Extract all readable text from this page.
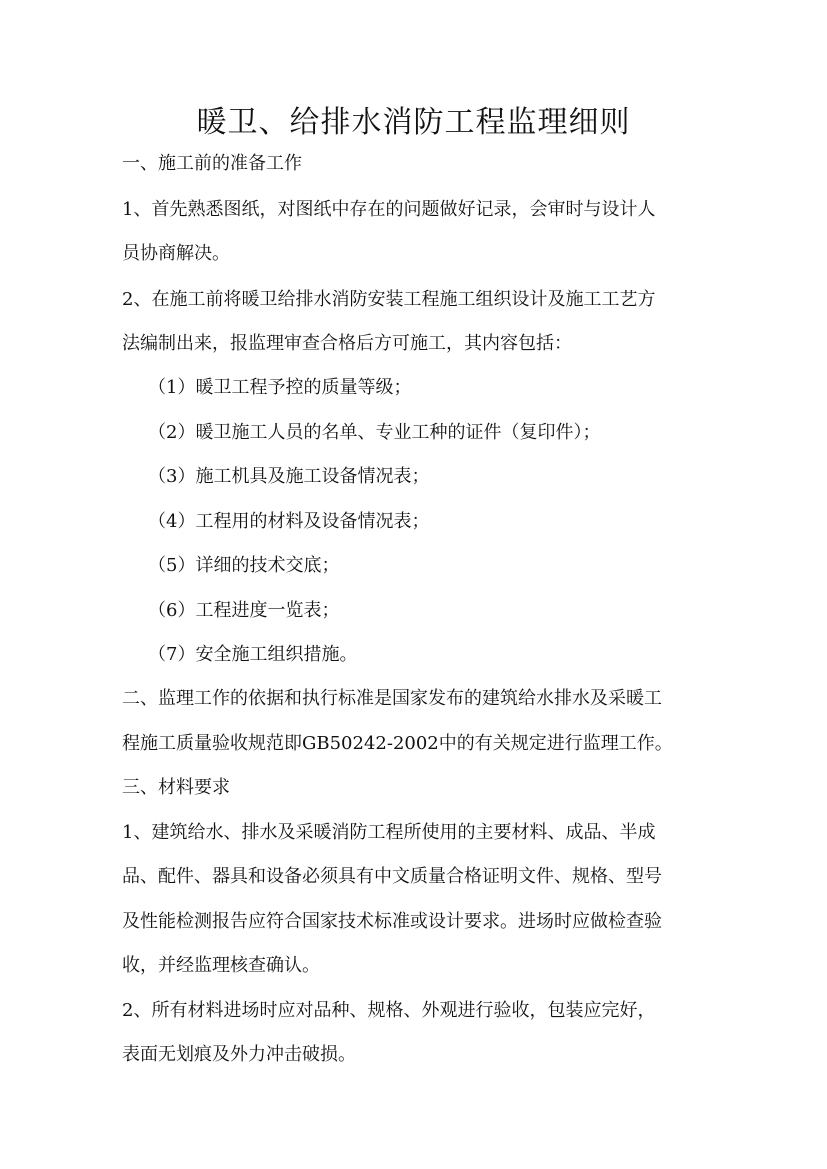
暖卫、给排水消防工程监理细则
一、施工前的准备工作
1、首先熟悉图纸，对图纸中存在的问题做好记录，会审时与设计人
员协商解决。
2、在施工前将暖卫给排水消防安装工程施工组织设计及施工工艺方
法编制出来，报监理审查合格后方可施工，其内容包括：
（1）暖卫工程予控的质量等级；
（2）暖卫施工人员的名单、专业工种的证件（复印件）；
（3）施工机具及施工设备情况表；
（4）工程用的材料及设备情况表；
（5）详细的技术交底；
（6）工程进度一览表；
（7）安全施工组织措施。
二、监理工作的依据和执行标准是国家发布的建筑给水排水及采暖工
程施工质量验收规范即GB50242-2002中的有关规定进行监理工作。
三、材料要求
1、建筑给水、排水及采暖消防工程所使用的主要材料、成品、半成
品、配件、器具和设备必须具有中文质量合格证明文件、规格、型号
及性能检测报告应符合国家技术标准或设计要求。进场时应做检查验
收，并经监理核查确认。
2、所有材料进场时应对品种、规格、外观进行验收，包装应完好，
表面无划痕及外力冲击破损。
